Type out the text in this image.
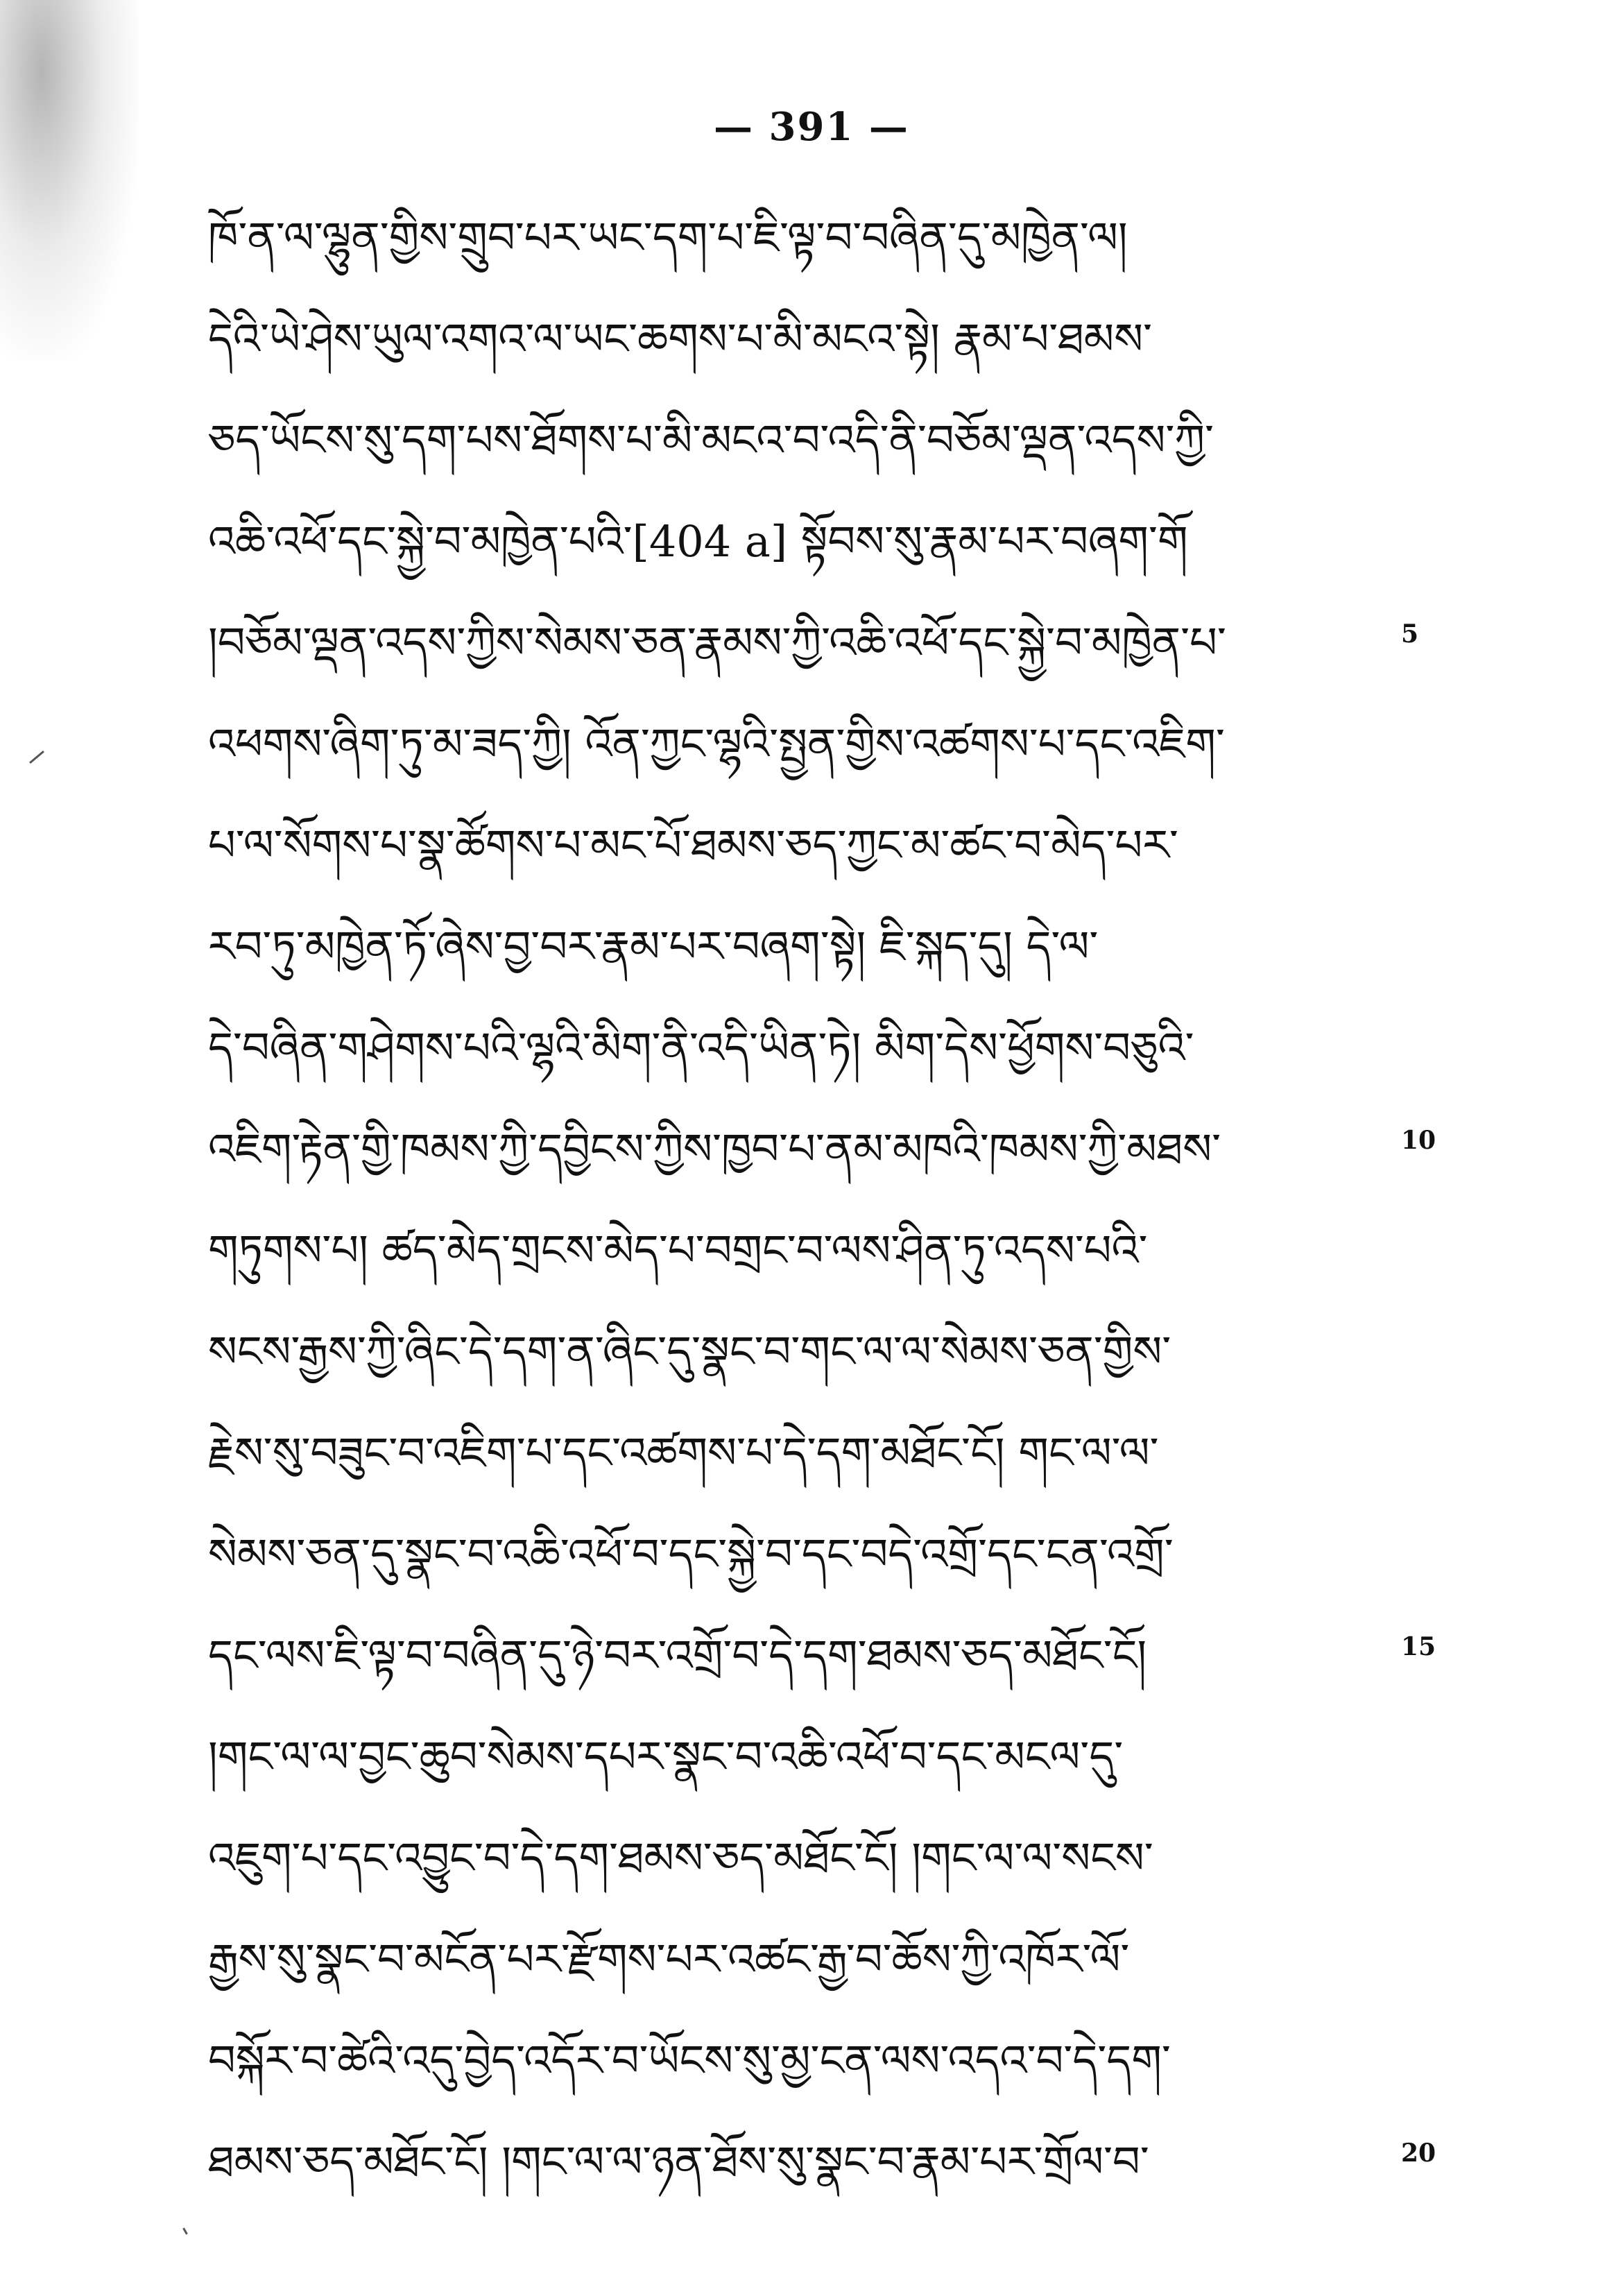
— 391 —
ཁོ་ན་ལ་ལྷུན་གྱིས་གྲུབ་པར་ཡང་དག་པ་ཇི་ལྟ་བ་བཞིན་དུ་མཁྱེན་ལ།
དེའི་ཡེ་ཤེས་ཡུལ་འགའ་ལ་ཡང་ཆགས་པ་མི་མངའ་སྟེ། རྣམ་པ་ཐམས་
ཅད་ཡོངས་སུ་དག་པས་ཐོགས་པ་མི་མངའ་བ་འདི་ནི་བཅོམ་ལྡན་འདས་ཀྱི་
འཆི་འཕོ་དང་སྐྱེ་བ་མཁྱེན་པའི་[404 a] སྟོབས་སུ་རྣམ་པར་བཞག་གོ
།བཅོམ་ལྡན་འདས་ཀྱིས་སེམས་ཅན་རྣམས་ཀྱི་འཆི་འཕོ་དང་སྐྱེ་བ་མཁྱེན་པ་
འཕགས་ཞིག་ཏུ་མ་ཟད་ཀྱི། འོན་ཀྱང་ལྷའི་སྤྱན་གྱིས་འཚགས་པ་དང་འཇིག་
པ་ལ་སོགས་པ་སྣ་ཚོགས་པ་མང་པོ་ཐམས་ཅད་ཀྱང་མ་ཚང་བ་མེད་པར་
རབ་ཏུ་མཁྱེན་ཏོ་ཞེས་བྱ་བར་རྣམ་པར་བཞག་སྟེ། ཇི་སྐད་དུ། དེ་ལ་
དེ་བཞིན་གཤེགས་པའི་ལྷའི་མིག་ནི་འདི་ཡིན་ཏེ། མིག་དེས་ཕྱོགས་བཅུའི་
འཇིག་རྟེན་གྱི་ཁམས་ཀྱི་དབྱིངས་ཀྱིས་ཁྱབ་པ་ནམ་མཁའི་ཁམས་ཀྱི་མཐས་
གཏུགས་པ། ཚད་མེད་གྲངས་མེད་པ་བགྲང་བ་ལས་ཤིན་ཏུ་འདས་པའི་
སངས་རྒྱས་ཀྱི་ཞིང་དེ་དག་ན་ཞིང་དུ་སྣང་བ་གང་ལ་ལ་སེམས་ཅན་གྱིས་
རྗེས་སུ་བཟུང་བ་འཇིག་པ་དང་འཚགས་པ་དེ་དག་མཐོང་ངོ། གང་ལ་ལ་
སེམས་ཅན་དུ་སྣང་བ་འཆི་འཕོ་བ་དང་སྐྱེ་བ་དང་བདེ་འགྲོ་དང་ངན་འགྲོ་
དང་ལས་ཇི་ལྟ་བ་བཞིན་དུ་ཉེ་བར་འགྲོ་བ་དེ་དག་ཐམས་ཅད་མཐོང་ངོ།
།གང་ལ་ལ་བྱང་ཆུབ་སེམས་དཔར་སྣང་བ་འཆི་འཕོ་བ་དང་མངལ་དུ་
འཇུག་པ་དང་འབྱུང་བ་དེ་དག་ཐམས་ཅད་མཐོང་ངོ། །གང་ལ་ལ་སངས་
རྒྱས་སུ་སྣང་བ་མངོན་པར་རྫོགས་པར་འཚང་རྒྱ་བ་ཆོས་ཀྱི་འཁོར་ལོ་
བསྐོར་བ་ཚེའི་འདུ་བྱེད་འདོར་བ་ཡོངས་སུ་མྱ་ངན་ལས་འདའ་བ་དེ་དག་
ཐམས་ཅད་མཐོང་ངོ། །གང་ལ་ལ་ཉན་ཐོས་སུ་སྣང་བ་རྣམ་པར་གྲོལ་བ་
5
10
15
20
